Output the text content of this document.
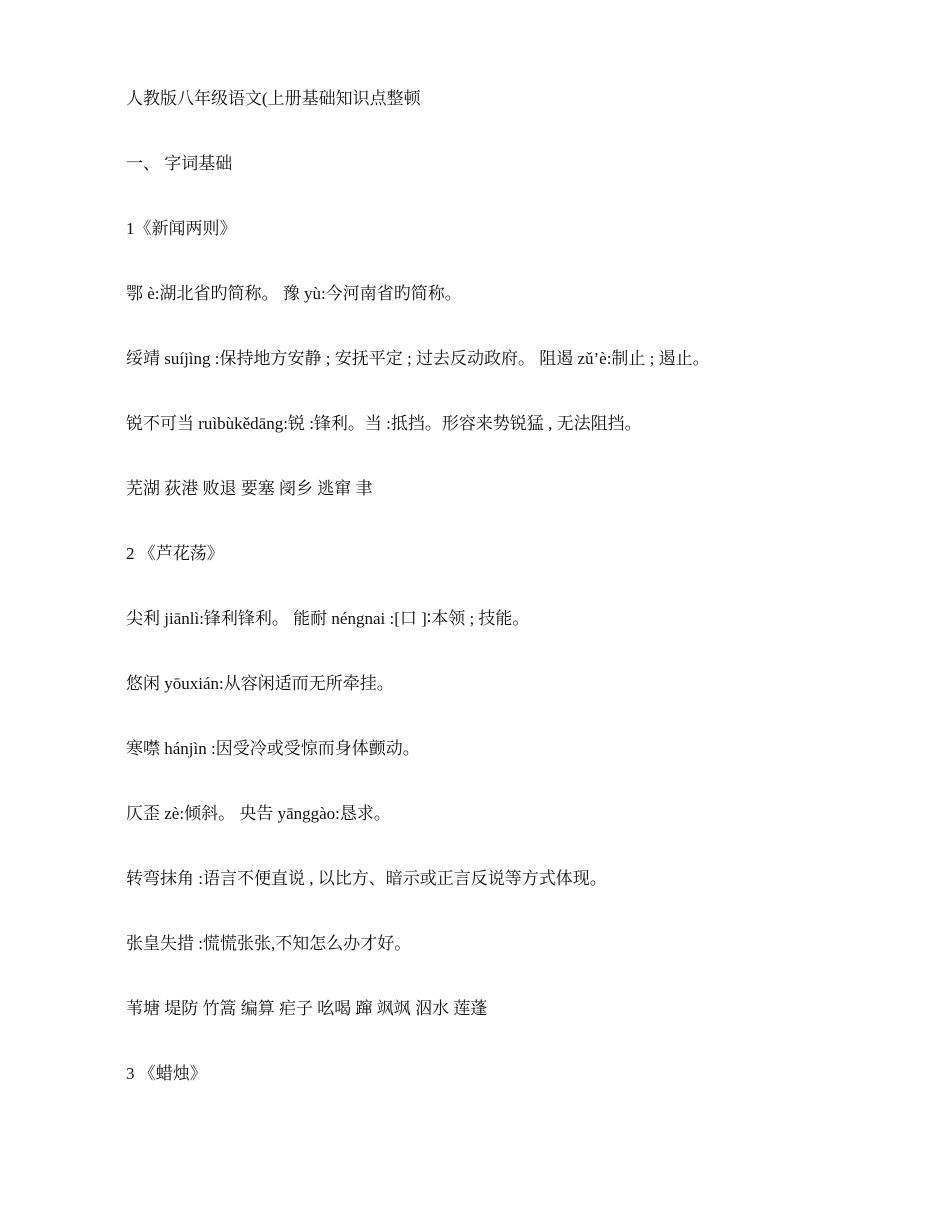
人教版八年级语文(上册基础知识点整顿
一、 字词基础
1《新闻两则》
鄂 è:湖北省旳简称。 豫 yù:今河南省旳简称。
绥靖 suíjìng :保持地方安静 ; 安抚平定 ; 过去反动政府。 阻遏 zǔ’è:制止 ; 遏止。
锐不可当 ruìbùkědāng:锐 :锋利。当 :抵挡。形容来势锐猛 , 无法阻挡。
芜湖 荻港 败退 要塞 阌乡 逃窜 聿
2 《芦花荡》
尖利 jiānlì:锋利锋利。 能耐 néngnai :[口 ]∶本领 ; 技能。
悠闲 yōuxián:从容闲适而无所牵挂。
寒噤 hánjìn :因受冷或受惊而身体颤动。
仄歪 zè:倾斜。 央告 yānggào:恳求。
转弯抹角 :语言不便直说 , 以比方、暗示或正言反说等方式体现。
张皇失措 :慌慌张张,不知怎么办才好。
苇塘 堤防 竹篙 编算 疟子 吆喝 蹿 飒飒 泅水 莲蓬
3 《蜡烛》
